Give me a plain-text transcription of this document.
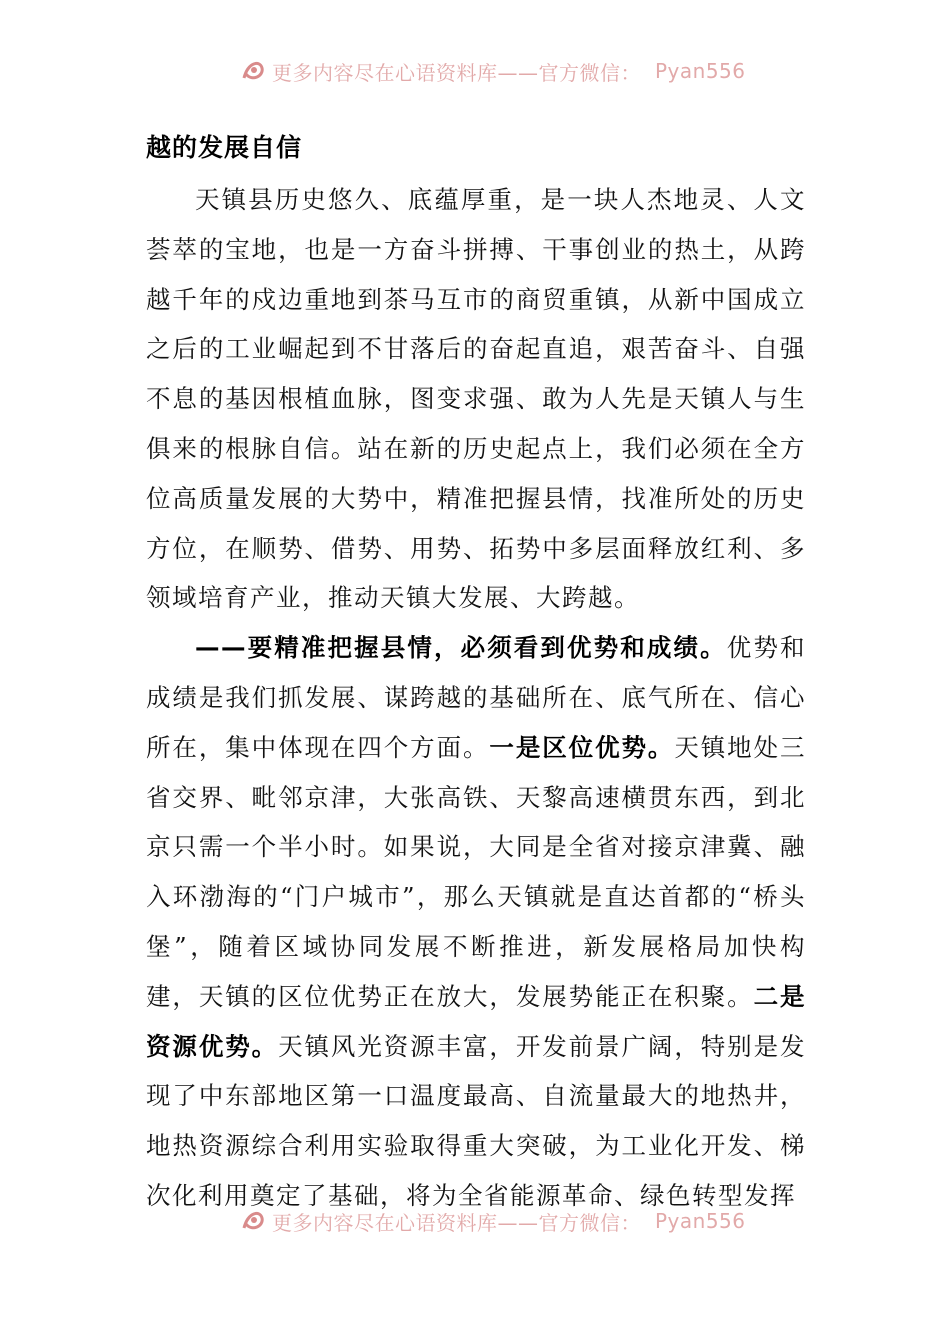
更多内容尽在心语资料库——官方微信： Pyan556
越的发展自信

天镇县历史悠久、底蕴厚重，是一块人杰地灵、人文荟萃的宝地，也是一方奋斗拼搏、干事创业的热土，从跨越千年的戍边重地到茶马互市的商贸重镇，从新中国成立之后的工业崛起到不甘落后的奋起直追，艰苦奋斗、自强不息的基因根植血脉，图变求强、敢为人先是天镇人与生俱来的根脉自信。站在新的历史起点上，我们必须在全方位高质量发展的大势中，精准把握县情，找准所处的历史方位，在顺势、借势、用势、拓势中多层面释放红利、多领域培育产业，推动天镇大发展、大跨越。

——要精准把握县情，必须看到优势和成绩。优势和成绩是我们抓发展、谋跨越的基础所在、底气所在、信心所在，集中体现在四个方面。一是区位优势。天镇地处三省交界、毗邻京津，大张高铁、天黎高速横贯东西，到北京只需一个半小时。如果说，大同是全省对接京津冀、融入环渤海的“门户城市”，那么天镇就是直达首都的“桥头堡”，随着区域协同发展不断推进，新发展格局加快构建，天镇的区位优势正在放大，发展势能正在积聚。二是资源优势。天镇风光资源丰富，开发前景广阔，特别是发现了中东部地区第一口温度最高、自流量最大的地热井，地热资源综合利用实验取得重大突破，为工业化开发、梯次化利用奠定了基础，将为全省能源革命、绿色转型发挥

更多内容尽在心语资料库——官方微信： Pyan556
